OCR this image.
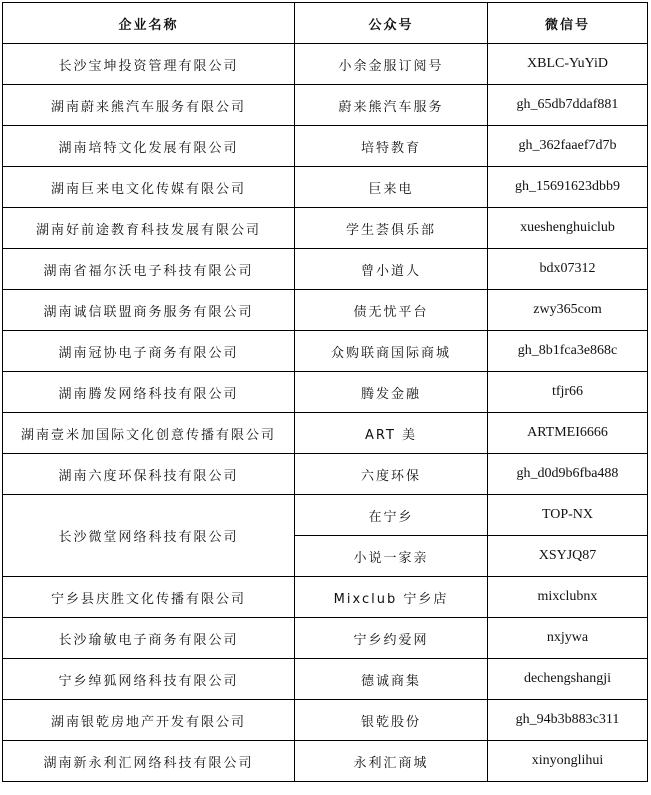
企业名称	公众号	微信号
长沙宝坤投资管理有限公司	小余金服订阅号	XBLC-YuYiD
湖南蔚来熊汽车服务有限公司	蔚来熊汽车服务	gh_65db7ddaf881
湖南培特文化发展有限公司	培特教育	gh_362faaef7d7b
湖南巨来电文化传媒有限公司	巨来电	gh_15691623dbb9
湖南好前途教育科技发展有限公司	学生荟俱乐部	xueshenghuiclub
湖南省福尔沃电子科技有限公司	曾小道人	bdx07312
湖南诚信联盟商务服务有限公司	债无忧平台	zwy365com
湖南冠协电子商务有限公司	众购联商国际商城	gh_8b1fca3e868c
湖南腾发网络科技有限公司	腾发金融	tfjr66
湖南壹米加国际文化创意传播有限公司	ART 美	ARTMEI6666
湖南六度环保科技有限公司	六度环保	gh_d0d9b6fba488
长沙微堂网络科技有限公司	在宁乡	TOP-NX
	小说一家亲	XSYJQ87
宁乡县庆胜文化传播有限公司	Mixclub 宁乡店	mixclubnx
长沙瑜敏电子商务有限公司	宁乡约爱网	nxjywa
宁乡绰狐网络科技有限公司	德诚商集	dechengshangji
湖南银乾房地产开发有限公司	银乾股份	gh_94b3b883c311
湖南新永利汇网络科技有限公司	永利汇商城	xinyonglihui
